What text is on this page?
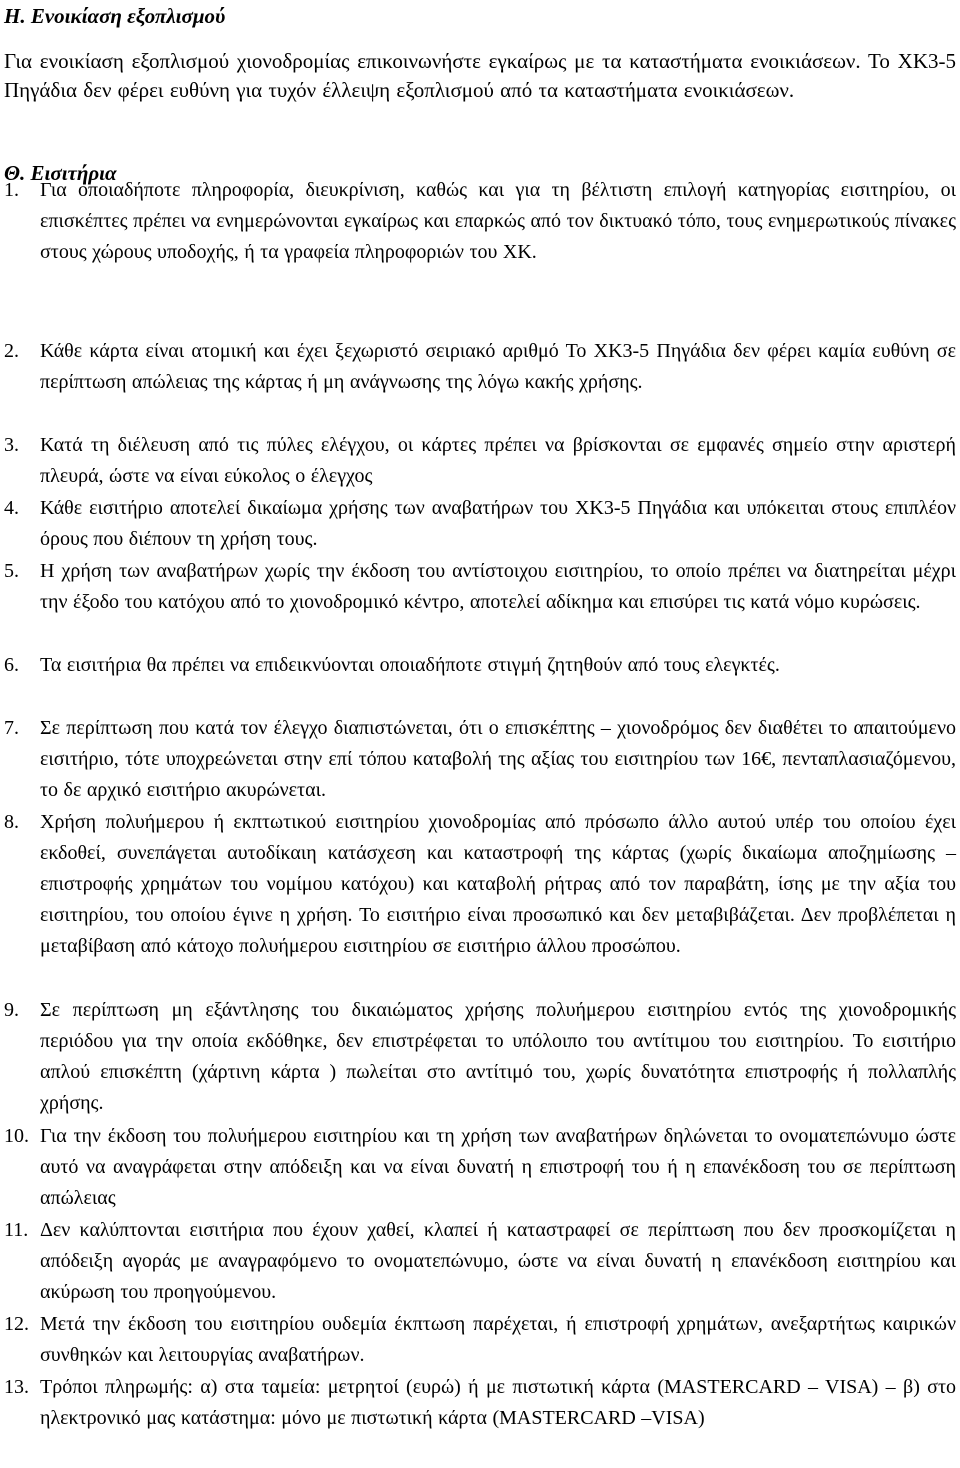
Η. Ενοικίαση εξοπλισμού
Για ενοικίαση εξοπλισμού χιονοδρομίας επικοινωνήστε εγκαίρως με τα καταστήματα ενοικιάσεων. Το ΧΚ3-5 Πηγάδια δεν φέρει ευθύνη για τυχόν έλλειψη εξοπλισμού από τα καταστήματα ενοικιάσεων.
Θ. Εισιτήρια
1.	Για οποιαδήποτε πληροφορία, διευκρίνιση, καθώς και για τη βέλτιστη επιλογή κατηγορίας εισιτηρίου, οι επισκέπτες πρέπει να ενημερώνονται εγκαίρως και επαρκώς από τον δικτυακό τόπο, τους ενημερωτικούς πίνακες στους χώρους υποδοχής, ή τα γραφεία πληροφοριών του ΧΚ.
2.	Κάθε κάρτα είναι ατομική και έχει ξεχωριστό σειριακό αριθμό Το ΧΚ3-5 Πηγάδια δεν φέρει καμία ευθύνη σε περίπτωση απώλειας της κάρτας ή μη ανάγνωσης της λόγω κακής χρήσης.
3.	Κατά τη διέλευση από τις πύλες ελέγχου, οι κάρτες πρέπει να βρίσκονται σε εμφανές σημείο στην αριστερή πλευρά, ώστε να είναι εύκολος ο έλεγχος
4.	Κάθε εισιτήριο αποτελεί δικαίωμα χρήσης των αναβατήρων του ΧΚ3-5 Πηγάδια και υπόκειται στους επιπλέον όρους που διέπουν τη χρήση τους.
5.	Η χρήση των αναβατήρων χωρίς την έκδοση του αντίστοιχου εισιτηρίου, το οποίο πρέπει να διατηρείται μέχρι την έξοδο του κατόχου από το χιονοδρομικό κέντρο, αποτελεί αδίκημα και επισύρει τις κατά νόμο κυρώσεις.
6.	Τα εισιτήρια θα πρέπει να επιδεικνύονται οποιαδήποτε στιγμή ζητηθούν από τους ελεγκτές.
7.	Σε περίπτωση που κατά τον έλεγχο διαπιστώνεται, ότι ο επισκέπτης – χιονοδρόμος δεν διαθέτει το απαιτούμενο εισιτήριο, τότε υποχρεώνεται στην επί τόπου καταβολή της αξίας του εισιτηρίου των 16€, πενταπλασιαζόμενου, το δε αρχικό εισιτήριο ακυρώνεται.
8.	Χρήση πολυήμερου ή εκπτωτικού εισιτηρίου χιονοδρομίας από πρόσωπο άλλο αυτού υπέρ του οποίου έχει εκδοθεί, συνεπάγεται αυτοδίκαιη κατάσχεση και καταστροφή της κάρτας (χωρίς δικαίωμα αποζημίωσης – επιστροφής χρημάτων του νομίμου κατόχου) και καταβολή ρήτρας από τον παραβάτη, ίσης με την αξία του εισιτηρίου, του οποίου έγινε η χρήση. Το εισιτήριο είναι προσωπικό και δεν μεταβιβάζεται. Δεν προβλέπεται η μεταβίβαση από κάτοχο πολυήμερου εισιτηρίου σε εισιτήριο άλλου προσώπου.
9.	Σε περίπτωση μη εξάντλησης του δικαιώματος χρήσης πολυήμερου εισιτηρίου εντός της χιονοδρομικής περιόδου για την οποία εκδόθηκε, δεν επιστρέφεται το υπόλοιπο του αντίτιμου του εισιτηρίου. Το εισιτήριο απλού επισκέπτη (χάρτινη κάρτα ) πωλείται στο αντίτιμό του, χωρίς δυνατότητα επιστροφής ή πολλαπλής χρήσης.
10. Για την έκδοση του πολυήμερου εισιτηρίου και τη χρήση των αναβατήρων δηλώνεται το ονοματεπώνυμο ώστε αυτό να αναγράφεται στην απόδειξη και να είναι δυνατή η επιστροφή του ή η επανέκδοση του σε περίπτωση απώλειας
11. Δεν καλύπτονται εισιτήρια που έχουν χαθεί, κλαπεί ή καταστραφεί σε περίπτωση που δεν προσκομίζεται η απόδειξη αγοράς με αναγραφόμενο το ονοματεπώνυμο, ώστε να είναι δυνατή η επανέκδοση εισιτηρίου και ακύρωση του προηγούμενου.
12. Μετά την έκδοση του εισιτηρίου ουδεμία έκπτωση παρέχεται, ή επιστροφή χρημάτων, ανεξαρτήτως καιρικών συνθηκών και λειτουργίας αναβατήρων.
13. Τρόποι πληρωμής: α) στα ταμεία: μετρητοί (ευρώ) ή με πιστωτική κάρτα (MASTERCARD – VISA) – β) στο ηλεκτρονικό μας κατάστημα: μόνο με πιστωτική κάρτα (MASTERCARD –VISA)
